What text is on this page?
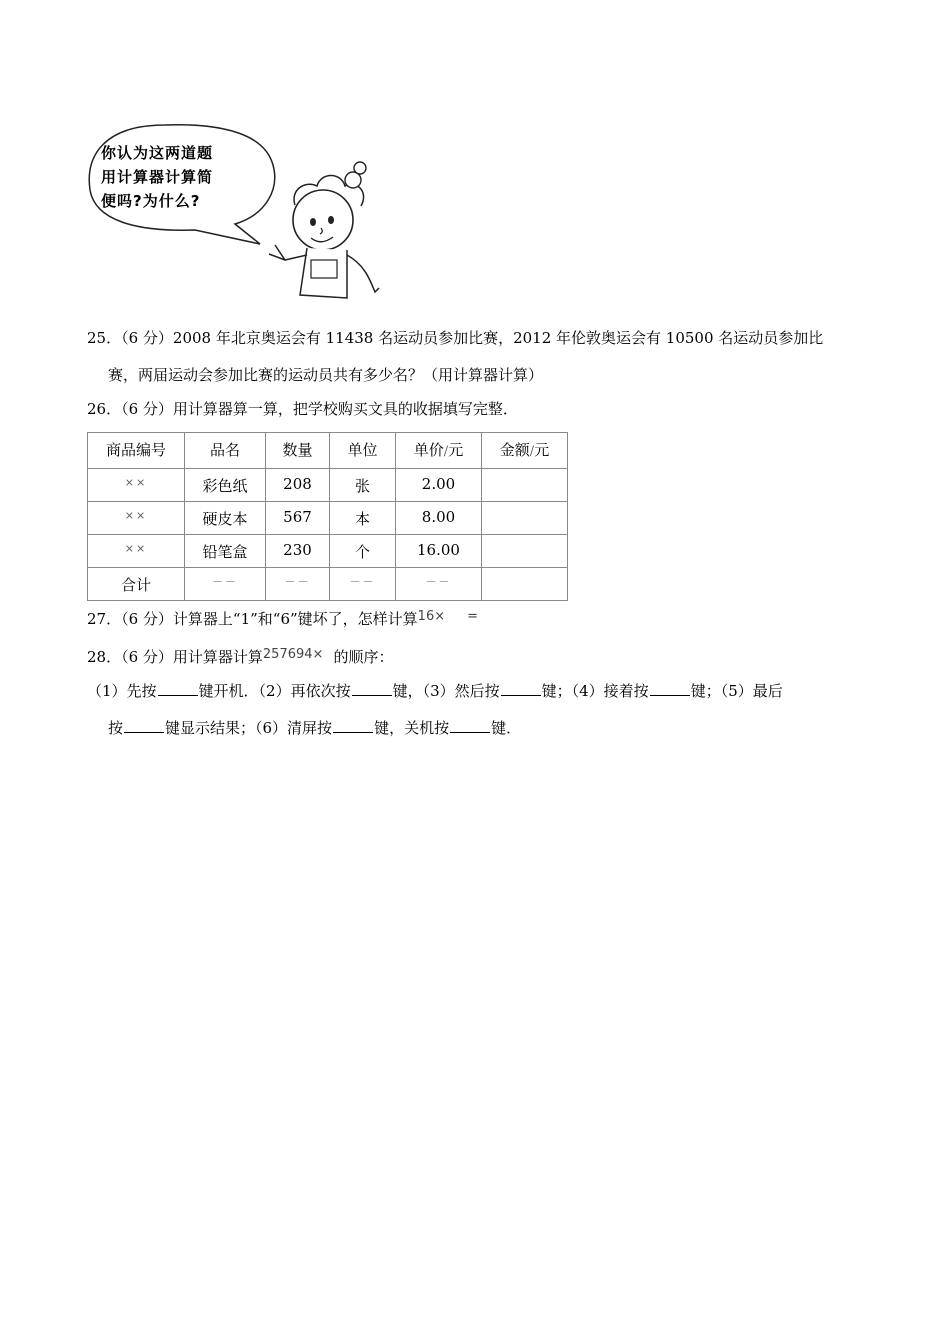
你认为这两道题
用计算器计算简
便吗?为什么?
25．（6 分）2008 年北京奥运会有 11438 名运动员参加比赛，2012 年伦敦奥运会有 10500 名运动员参加比
赛，两届运动会参加比赛的运动员共有多少名？（用计算器计算）
26．（6 分）用计算器算一算，把学校购买文具的收据填写完整．
商品编号	品名	数量	单位	单价/元	金额/元
××	彩色纸	208	张	2.00	
××	硬皮本	567	本	8.00	
××	铅笔盒	230	个	16.00	
合计	－－	－－	－－	－－	
27．（6 分）计算器上“1”和“6”键坏了，怎样计算16× =
28．（6 分）用计算器计算257694× 的顺序：
（1）先按	键开机．（2）再依次按	键，（3）然后按	键；（4）接着按	键；（5）最后
按	键显示结果；（6）清屏按	键，关机按	键．
